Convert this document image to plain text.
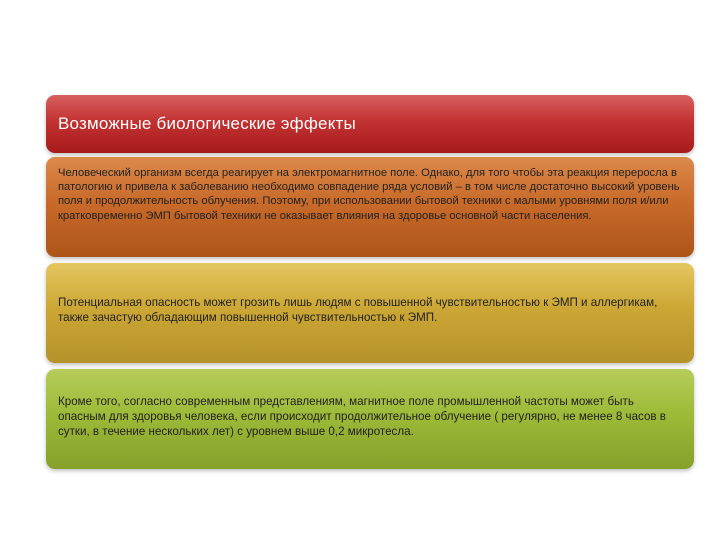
Возможные биологические эффекты
Человеческий организм всегда реагирует на электромагнитное поле. Однако, для того чтобы эта реакция переросла в патологию и привела к заболеванию необходимо совпадение ряда условий – в том числе достаточно высокий уровень поля и продолжительность облучения. Поэтому, при использовании бытовой техники с малыми уровнями поля и/или кратковременно ЭМП бытовой техники не оказывает влияния на здоровье основной части населения.
Потенциальная опасность может грозить лишь людям с повышенной чувствительностью к ЭМП и аллергикам, также зачастую обладающим повышенной чувствительностью к ЭМП.
Кроме того, согласно современным представлениям, магнитное поле промышленной частоты может быть опасным для здоровья человека, если происходит продолжительное облучение ( регулярно, не менее 8 часов в сутки, в течение нескольких лет) с уровнем выше 0,2 микротесла.
